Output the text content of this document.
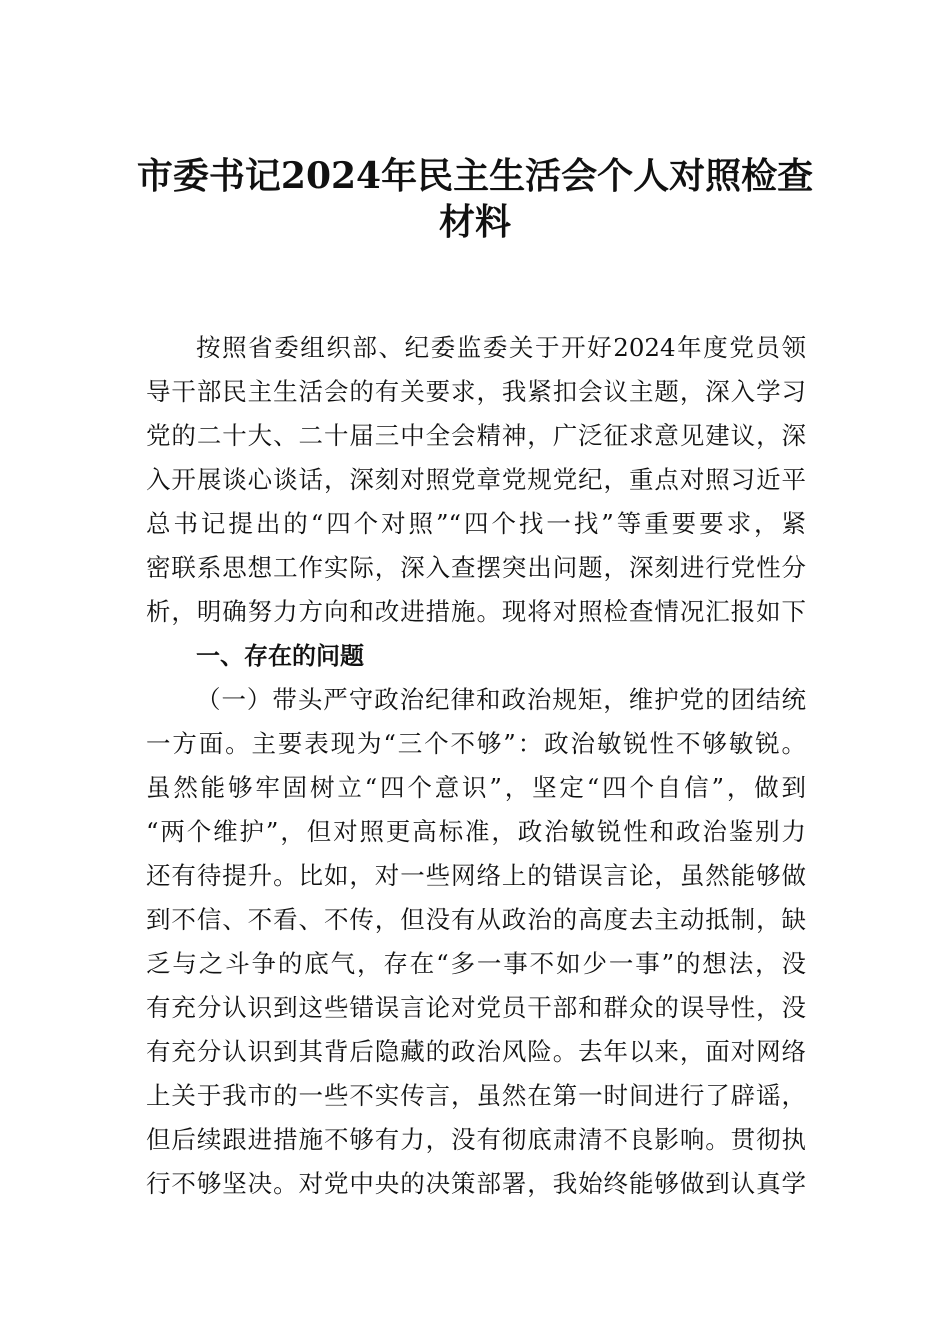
市委书记2024年民主生活会个人对照检查
材料
按照省委组织部、纪委监委关于开好2024年度党员领
导干部民主生活会的有关要求，我紧扣会议主题，深入学习
党的二十大、二十届三中全会精神，广泛征求意见建议，深
入开展谈心谈话，深刻对照党章党规党纪，重点对照习近平
总书记提出的“四个对照”“四个找一找”等重要要求，紧
密联系思想工作实际，深入查摆突出问题，深刻进行党性分
析，明确努力方向和改进措施。现将对照检查情况汇报如下
一、存在的问题
（一）带头严守政治纪律和政治规矩，维护党的团结统
一方面。主要表现为“三个不够”：政治敏锐性不够敏锐。
虽然能够牢固树立“四个意识”，坚定“四个自信”，做到
“两个维护”，但对照更高标准，政治敏锐性和政治鉴别力
还有待提升。比如，对一些网络上的错误言论，虽然能够做
到不信、不看、不传，但没有从政治的高度去主动抵制，缺
乏与之斗争的底气，存在“多一事不如少一事”的想法，没
有充分认识到这些错误言论对党员干部和群众的误导性，没
有充分认识到其背后隐藏的政治风险。去年以来，面对网络
上关于我市的一些不实传言，虽然在第一时间进行了辟谣，
但后续跟进措施不够有力，没有彻底肃清不良影响。贯彻执
行不够坚决。对党中央的决策部署，我始终能够做到认真学
